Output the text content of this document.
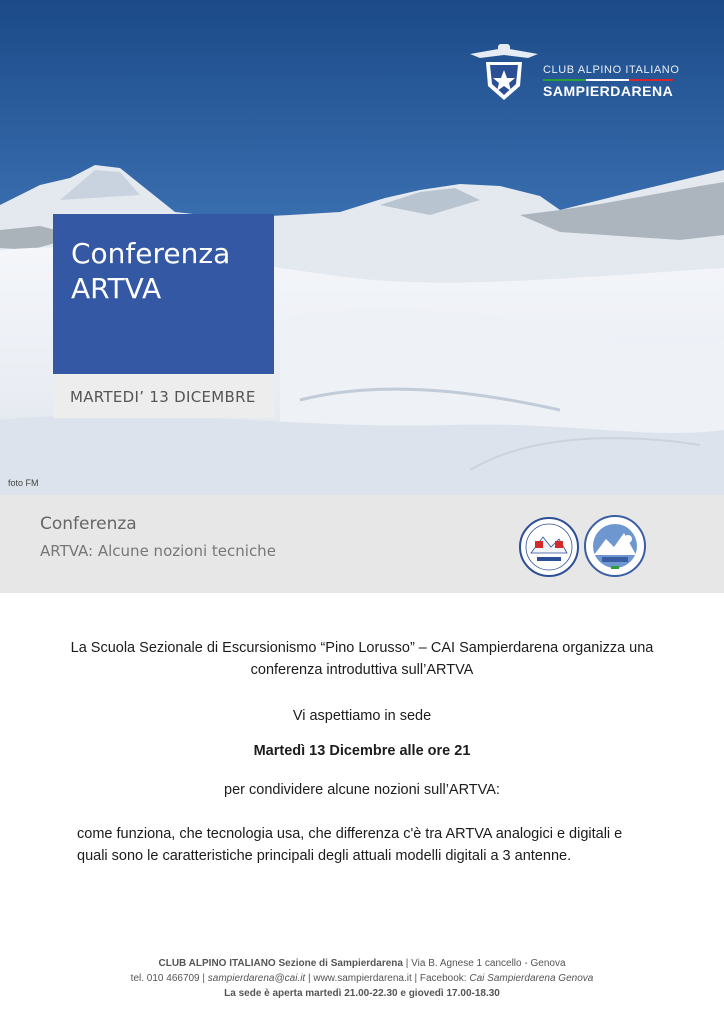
CLUB ALPINO ITALIANO
SAMPIERDARENA
Conferenza
ARTVA
MARTEDI’ 13 DICEMBRE
foto FM
Conferenza
ARTVA: Alcune nozioni tecniche
La Scuola Sezionale di Escursionismo “Pino Lorusso” – CAI Sampierdarena organizza una
conferenza introduttiva sull’ARTVA
Vi aspettiamo in sede
Martedì 13 Dicembre alle ore 21
per condividere alcune nozioni sull’ARTVA:
come funziona, che tecnologia usa, che differenza c'è tra ARTVA analogici e digitali e
quali sono le caratteristiche principali degli attuali modelli digitali a 3 antenne.
CLUB ALPINO ITALIANO Sezione di Sampierdarena | Via B. Agnese 1 cancello - Genova
tel. 010 466709 | sampierdarena@cai.it | www.sampierdarena.it | Facebook: Cai Sampierdarena Genova
La sede è aperta martedì 21.00-22.30 e giovedì 17.00-18.30
